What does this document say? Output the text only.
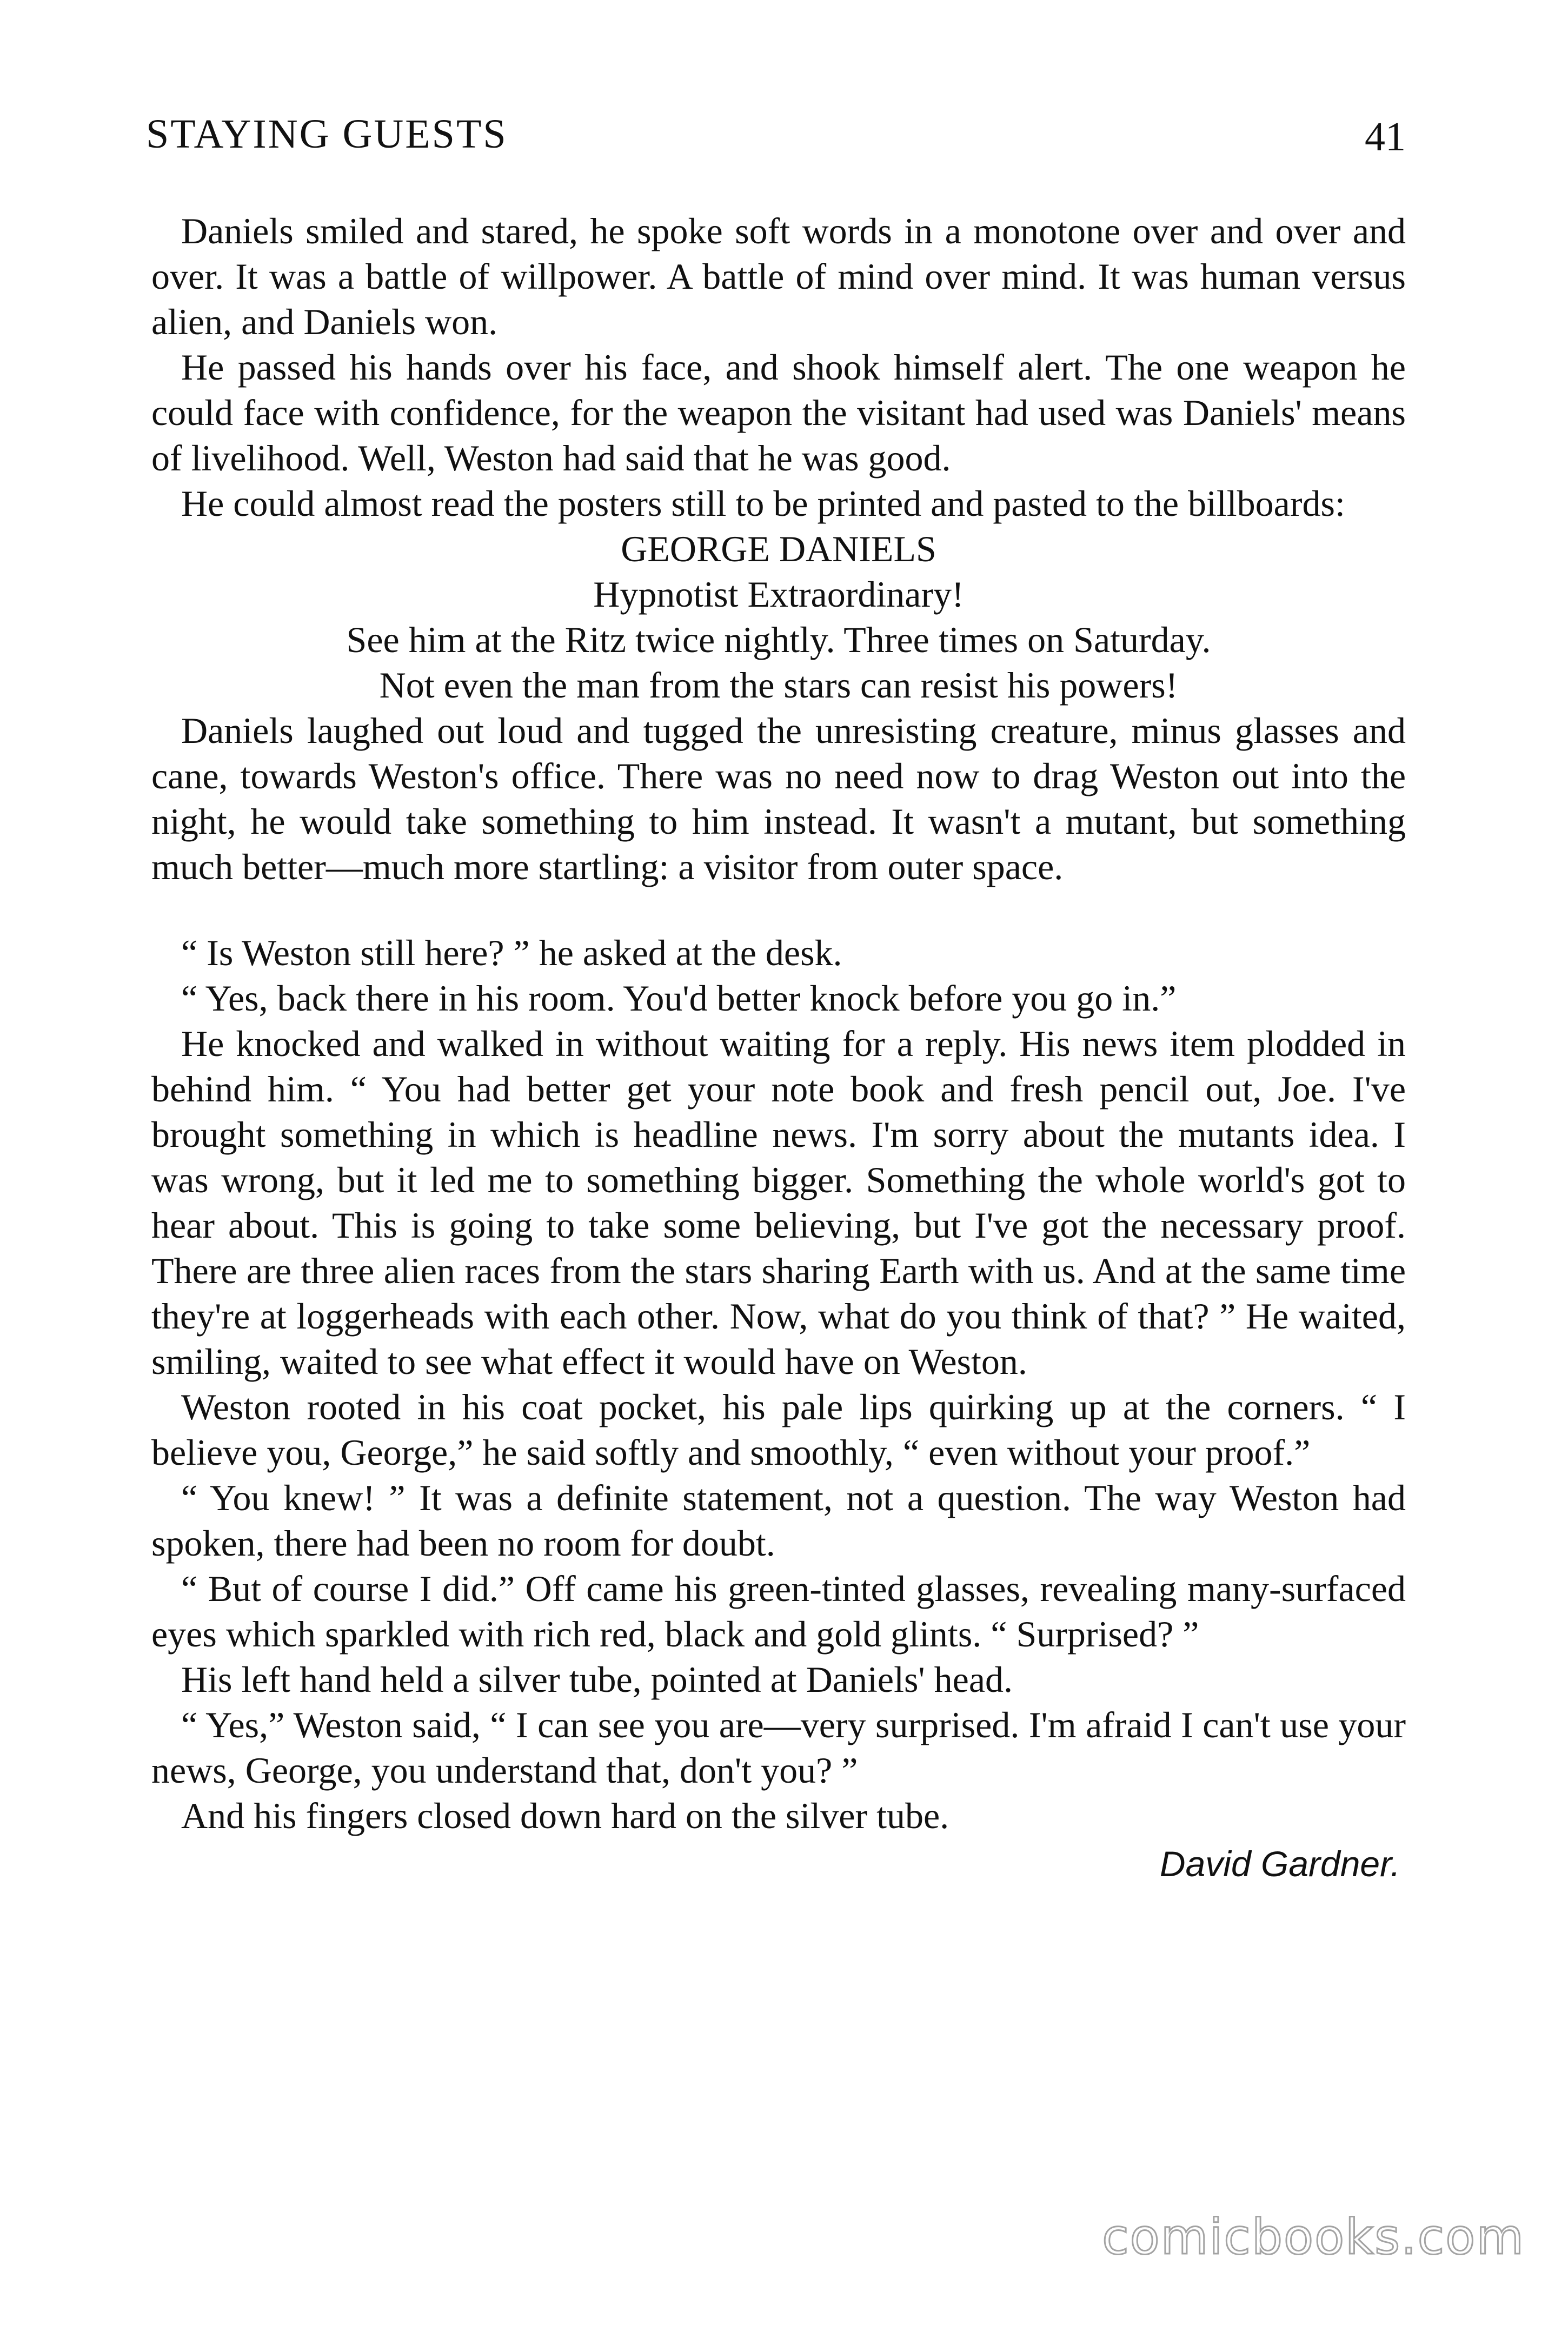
STAYING GUESTS	41

Daniels smiled and stared, he spoke soft words in a monotone over and over and over. It was a battle of willpower. A battle of mind over mind. It was human versus alien, and Daniels won.

He passed his hands over his face, and shook himself alert. The one weapon he could face with confidence, for the weapon the visitant had used was Daniels' means of livelihood. Well, Weston had said that he was good.

He could almost read the posters still to be printed and pasted to the billboards:

GEORGE DANIELS
Hypnotist Extraordinary!
See him at the Ritz twice nightly. Three times on Saturday.
Not even the man from the stars can resist his powers!

Daniels laughed out loud and tugged the unresisting creature, minus glasses and cane, towards Weston's office. There was no need now to drag Weston out into the night, he would take something to him instead. It wasn't a mutant, but something much better—much more startling: a visitor from outer space.

“ Is Weston still here? ” he asked at the desk.

“ Yes, back there in his room. You'd better knock before you go in.”

He knocked and walked in without waiting for a reply. His news item plodded in behind him. “ You had better get your note book and fresh pencil out, Joe. I've brought something in which is headline news. I'm sorry about the mutants idea. I was wrong, but it led me to something bigger. Something the whole world's got to hear about. This is going to take some believing, but I've got the necessary proof. There are three alien races from the stars sharing Earth with us. And at the same time they're at loggerheads with each other. Now, what do you think of that? ” He waited, smiling, waited to see what effect it would have on Weston.

Weston rooted in his coat pocket, his pale lips quirking up at the corners. “ I believe you, George,” he said softly and smoothly, “ even without your proof.”

“ You knew! ” It was a definite statement, not a question. The way Weston had spoken, there had been no room for doubt.

“ But of course I did.” Off came his green-tinted glasses, revealing many-surfaced eyes which sparkled with rich red, black and gold glints. “ Surprised? ”

His left hand held a silver tube, pointed at Daniels' head.

“ Yes,” Weston said, “ I can see you are—very surprised. I'm afraid I can't use your news, George, you understand that, don't you? ”

And his fingers closed down hard on the silver tube.

David Gardner.
comicbooks.com
